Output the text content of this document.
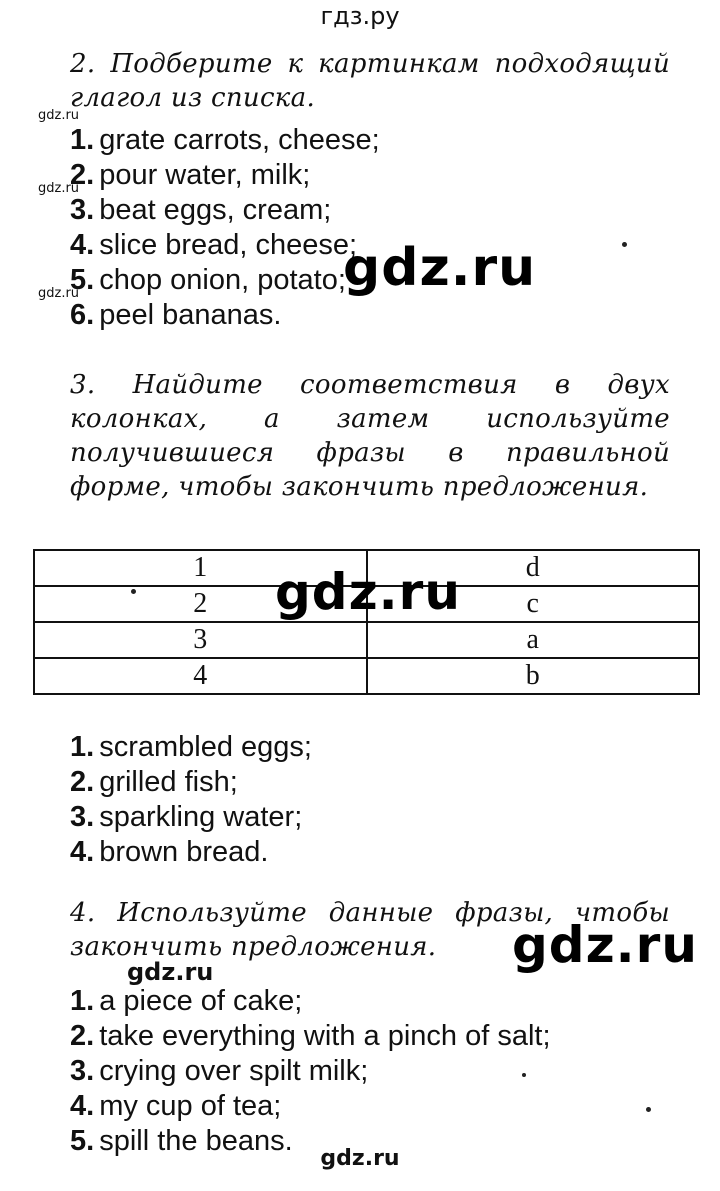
гдз.ру
2. Подберите к картинкам подходящий глагол из списка.
1. grate carrots, cheese;
2. pour water, milk;
3. beat eggs, cream;
4. slice bread, cheese;
5. chop onion, potato;
6. peel bananas.
gdz.ru
gdz.ru
gdz.ru	gdz.ru
3. Найдите соответствия в двух колонках, а затем используйте получившиеся фразы в правильной форме, чтобы закончить предложения.
1	d
2	c
3	a
4	b
gdz.ru
1. scrambled eggs;
2. grilled fish;
3. sparkling water;
4. brown bread.
4. Используйте данные фразы, чтобы закончить предложения.	gdz.ru
gdz.ru
1. a piece of cake;
2. take everything with a pinch of salt;
3. crying over spilt milk;
4. my cup of tea;
5. spill the beans.
gdz.ru
